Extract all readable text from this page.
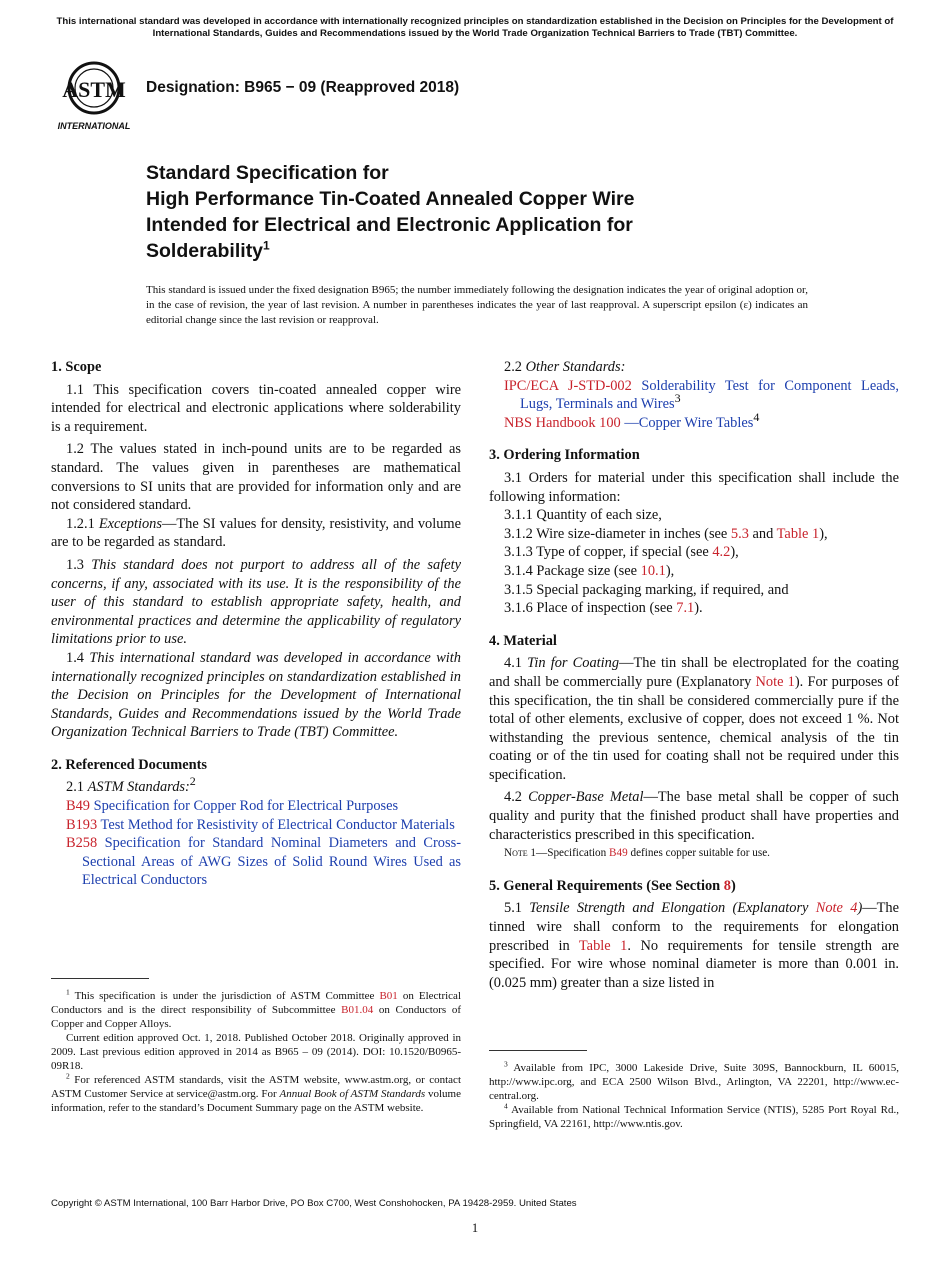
This international standard was developed in accordance with internationally recognized principles on standardization established in the Decision on Principles for the Development of International Standards, Guides and Recommendations issued by the World Trade Organization Technical Barriers to Trade (TBT) Committee.
ASTM
INTERNATIONAL
Designation: B965 − 09 (Reapproved 2018)
Standard Specification for
High Performance Tin-Coated Annealed Copper Wire
Intended for Electrical and Electronic Application for
Solderability$^1$
This standard is issued under the fixed designation B965; the number immediately following the designation indicates the year of original adoption or, in the case of revision, the year of last revision. A number in parentheses indicates the year of last reapproval. A superscript epsilon (ε) indicates an editorial change since the last revision or reapproval.
1. Scope

1.1 This specification covers tin-coated annealed copper wire intended for electrical and electronic applications where solderability is a requirement.

1.2 The values stated in inch-pound units are to be regarded as standard. The values given in parentheses are mathematical conversions to SI units that are provided for information only and are not considered standard.

1.2.1 Exceptions—The SI values for density, resistivity, and volume are to be regarded as standard.

1.3 This standard does not purport to address all of the safety concerns, if any, associated with its use. It is the responsibility of the user of this standard to establish appropriate safety, health, and environmental practices and determine the applicability of regulatory limitations prior to use.

1.4 This international standard was developed in accordance with internationally recognized principles on standardization established in the Decision on Principles for the Development of International Standards, Guides and Recommendations issued by the World Trade Organization Technical Barriers to Trade (TBT) Committee.

2. Referenced Documents

2.1 ASTM Standards:$^2$

B49 Specification for Copper Rod for Electrical Purposes

B193 Test Method for Resistivity of Electrical Conductor Materials

B258 Specification for Standard Nominal Diameters and Cross-Sectional Areas of AWG Sizes of Solid Round Wires Used as Electrical Conductors

$^1$ This specification is under the jurisdiction of ASTM Committee B01 on Electrical Conductors and is the direct responsibility of Subcommittee B01.04 on Conductors of Copper and Copper Alloys.

Current edition approved Oct. 1, 2018. Published October 2018. Originally approved in 2009. Last previous edition approved in 2014 as B965 – 09 (2014). DOI: 10.1520/B0965-09R18.

$^2$ For referenced ASTM standards, visit the ASTM website, www.astm.org, or contact ASTM Customer Service at service@astm.org. For Annual Book of ASTM Standards volume information, refer to the standard’s Document Summary page on the ASTM website.

2.2 Other Standards:

IPC/ECA J-STD-002 Solderability Test for Component Leads, Lugs, Terminals and Wires$^3$

NBS Handbook 100 —Copper Wire Tables$^4$

3. Ordering Information

3.1 Orders for material under this specification shall include the following information:

3.1.1 Quantity of each size,

3.1.2 Wire size-diameter in inches (see 5.3 and Table 1),

3.1.3 Type of copper, if special (see 4.2),

3.1.4 Package size (see 10.1),

3.1.5 Special packaging marking, if required, and

3.1.6 Place of inspection (see 7.1).

4. Material

4.1 Tin for Coating—The tin shall be electroplated for the coating and shall be commercially pure (Explanatory Note 1). For purposes of this specification, the tin shall be considered commercially pure if the total of other elements, exclusive of copper, does not exceed 1 %. Not withstanding the previous sentence, chemical analysis of the tin coating or of the tin used for coating shall not be required under this specification.

4.2 Copper-Base Metal—The base metal shall be copper of such quality and purity that the finished product shall have properties and characteristics prescribed in this specification.

Note 1—Specification B49 defines copper suitable for use.

5. General Requirements (See Section 8)

5.1 Tensile Strength and Elongation (Explanatory Note 4)—The tinned wire shall conform to the requirements for elongation prescribed in Table 1. No requirements for tensile strength are specified. For wire whose nominal diameter is more than 0.001 in. (0.025 mm) greater than a size listed in

$^3$ Available from IPC, 3000 Lakeside Drive, Suite 309S, Bannockburn, IL 60015, http://www.ipc.org, and ECA 2500 Wilson Blvd., Arlington, VA 22201, http://www.ec-central.org.

$^4$ Available from National Technical Information Service (NTIS), 5285 Port Royal Rd., Springfield, VA 22161, http://www.ntis.gov.

Copyright © ASTM International, 100 Barr Harbor Drive, PO Box C700, West Conshohocken, PA 19428-2959. United States
1
